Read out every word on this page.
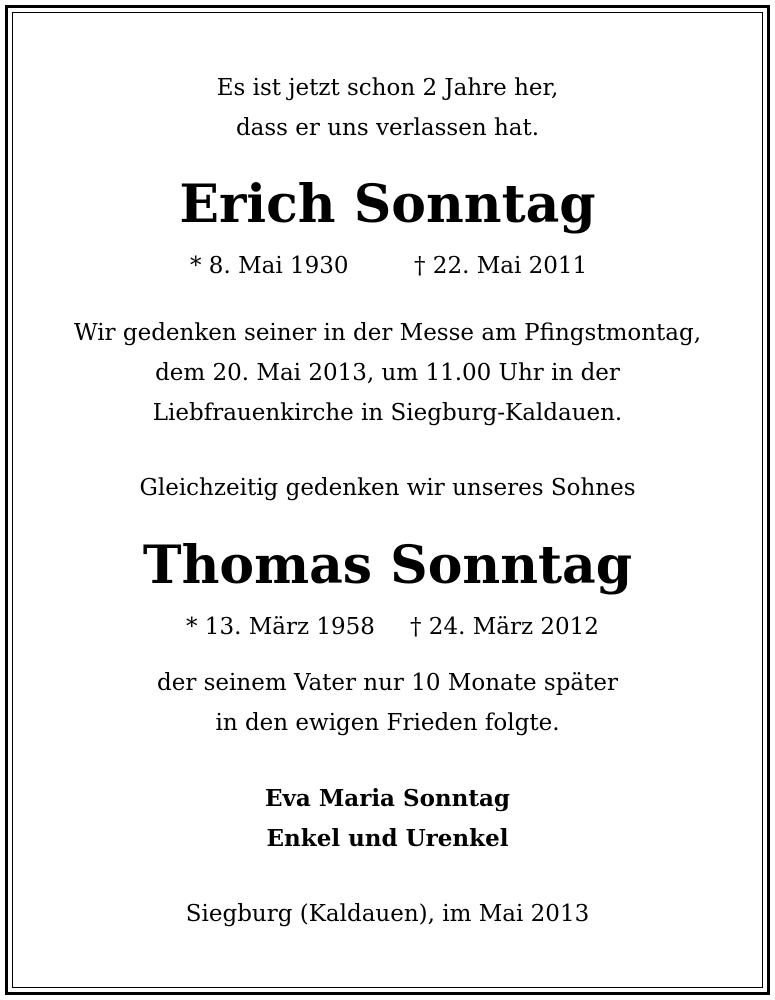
Es ist jetzt schon 2 Jahre her,

dass er uns verlassen hat.

Erich Sonntag
* 8. Mai 1930	† 22. Mai 2011

Wir gedenken seiner in der Messe am Pfingstmontag,

dem 20. Mai 2013, um 11.00 Uhr in der

Liebfrauenkirche in Siegburg-Kaldauen.

Gleichzeitig gedenken wir unseres Sohnes

Thomas Sonntag
* 13. März 1958 † 24. März 2012

der seinem Vater nur 10 Monate später

in den ewigen Frieden folgte.

Eva Maria Sonntag

Enkel und Urenkel

Siegburg (Kaldauen), im Mai 2013
